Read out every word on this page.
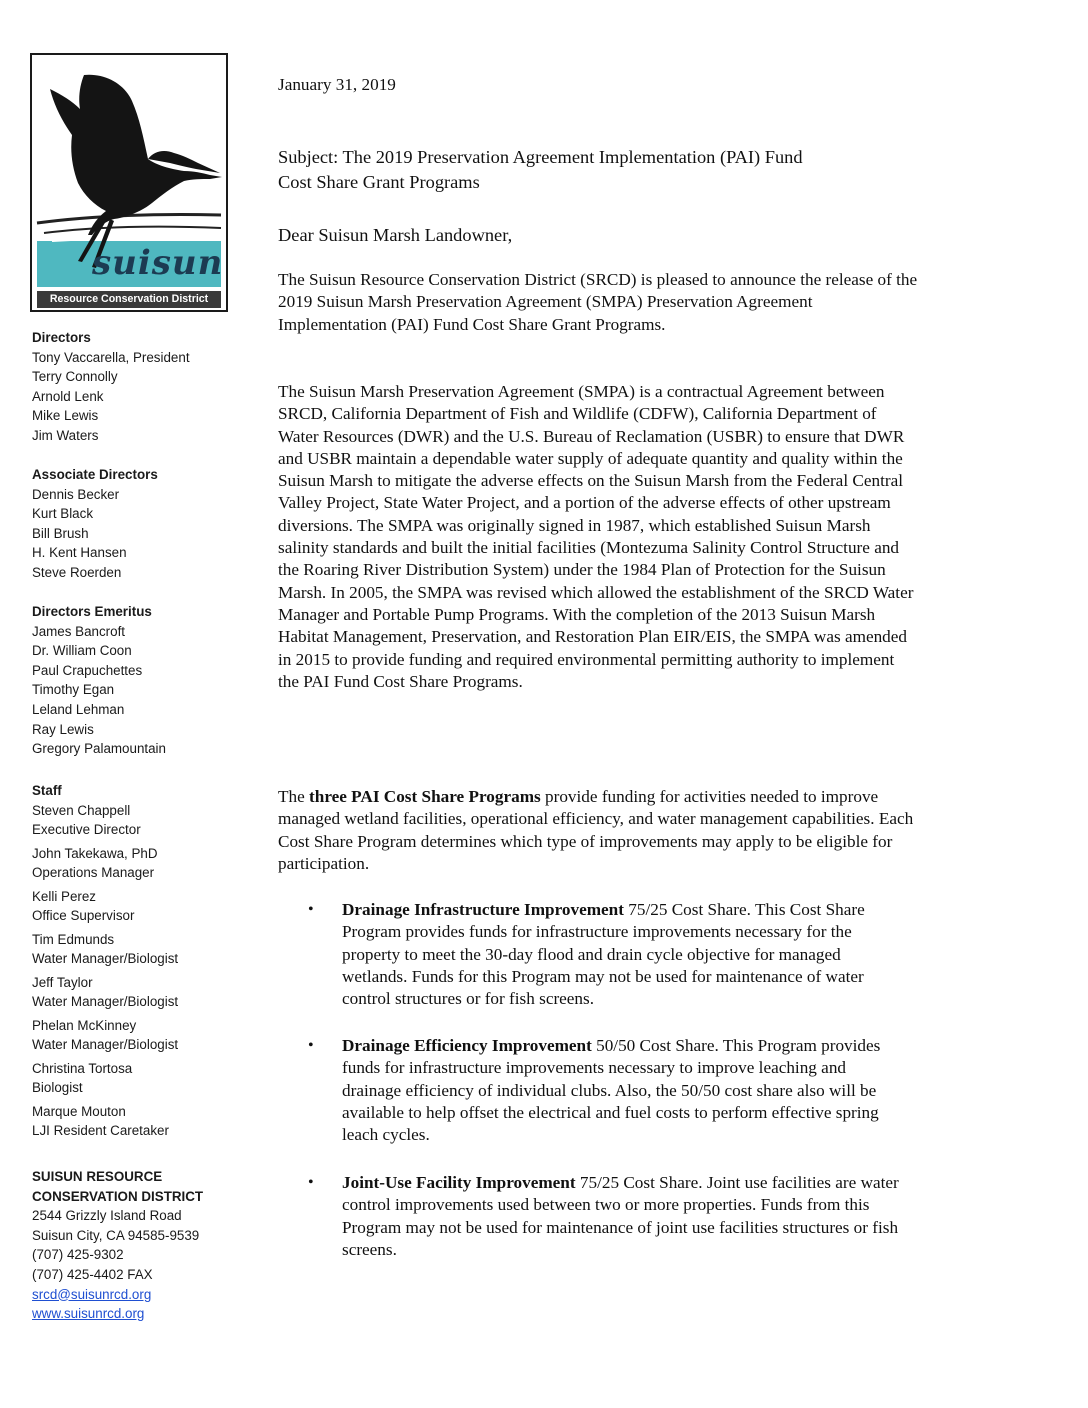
suisun
Resource Conservation District
Directors
Tony Vaccarella, President
Terry Connolly
Arnold Lenk
Mike Lewis
Jim Waters
Associate Directors
Dennis Becker
Kurt Black
Bill Brush
H. Kent Hansen
Steve Roerden
Directors Emeritus
James Bancroft
Dr. William Coon
Paul Crapuchettes
Timothy Egan
Leland Lehman
Ray Lewis
Gregory Palamountain
Staff
Steven Chappell
Executive Director
John Takekawa, PhD
Operations Manager
Kelli Perez
Office Supervisor
Tim Edmunds
Water Manager/Biologist
Jeff Taylor
Water Manager/Biologist
Phelan McKinney
Water Manager/Biologist
Christina Tortosa
Biologist
Marque Mouton
LJI Resident Caretaker
SUISUN RESOURCE
CONSERVATION DISTRICT
2544 Grizzly Island Road
Suisun City, CA 94585-9539
(707) 425-9302
(707) 425-4402 FAX
srcd@suisunrcd.org
www.suisunrcd.org
January 31, 2019
Subject: The 2019 Preservation Agreement Implementation (PAI) Fund
Cost Share Grant Programs
Dear Suisun Marsh Landowner,

The Suisun Resource Conservation District (SRCD) is pleased to announce the release of the 2019 Suisun Marsh Preservation Agreement (SMPA) Preservation Agreement Implementation (PAI) Fund Cost Share Grant Programs.

The Suisun Marsh Preservation Agreement (SMPA) is a contractual Agreement between SRCD, California Department of Fish and Wildlife (CDFW), California Department of Water Resources (DWR) and the U.S. Bureau of Reclamation (USBR) to ensure that DWR and USBR maintain a dependable water supply of adequate quantity and quality within the Suisun Marsh to mitigate the adverse effects on the Suisun Marsh from the Federal Central Valley Project, State Water Project, and a portion of the adverse effects of other upstream diversions. The SMPA was originally signed in 1987, which established Suisun Marsh salinity standards and built the initial facilities (Montezuma Salinity Control Structure and the Roaring River Distribution System) under the 1984 Plan of Protection for the Suisun Marsh. In 2005, the SMPA was revised which allowed the establishment of the SRCD Water Manager and Portable Pump Programs. With the completion of the 2013 Suisun Marsh Habitat Management, Preservation, and Restoration Plan EIR/EIS, the SMPA was amended in 2015 to provide funding and required environmental permitting authority to implement the PAI Fund Cost Share Programs.

The three PAI Cost Share Programs provide funding for activities needed to improve managed wetland facilities, operational efficiency, and water management capabilities. Each Cost Share Program determines which type of improvements may apply to be eligible for participation.

• Drainage Infrastructure Improvement 75/25 Cost Share. This Cost Share Program provides funds for infrastructure improvements necessary for the property to meet the 30-day flood and drain cycle objective for managed wetlands. Funds for this Program may not be used for maintenance of water control structures or for fish screens.
• Drainage Efficiency Improvement 50/50 Cost Share. This Program provides funds for infrastructure improvements necessary to improve leaching and drainage efficiency of individual clubs. Also, the 50/50 cost share also will be available to help offset the electrical and fuel costs to perform effective spring leach cycles.
• Joint-Use Facility Improvement 75/25 Cost Share. Joint use facilities are water control improvements used between two or more properties. Funds from this Program may not be used for maintenance of joint use facilities structures or fish screens.
